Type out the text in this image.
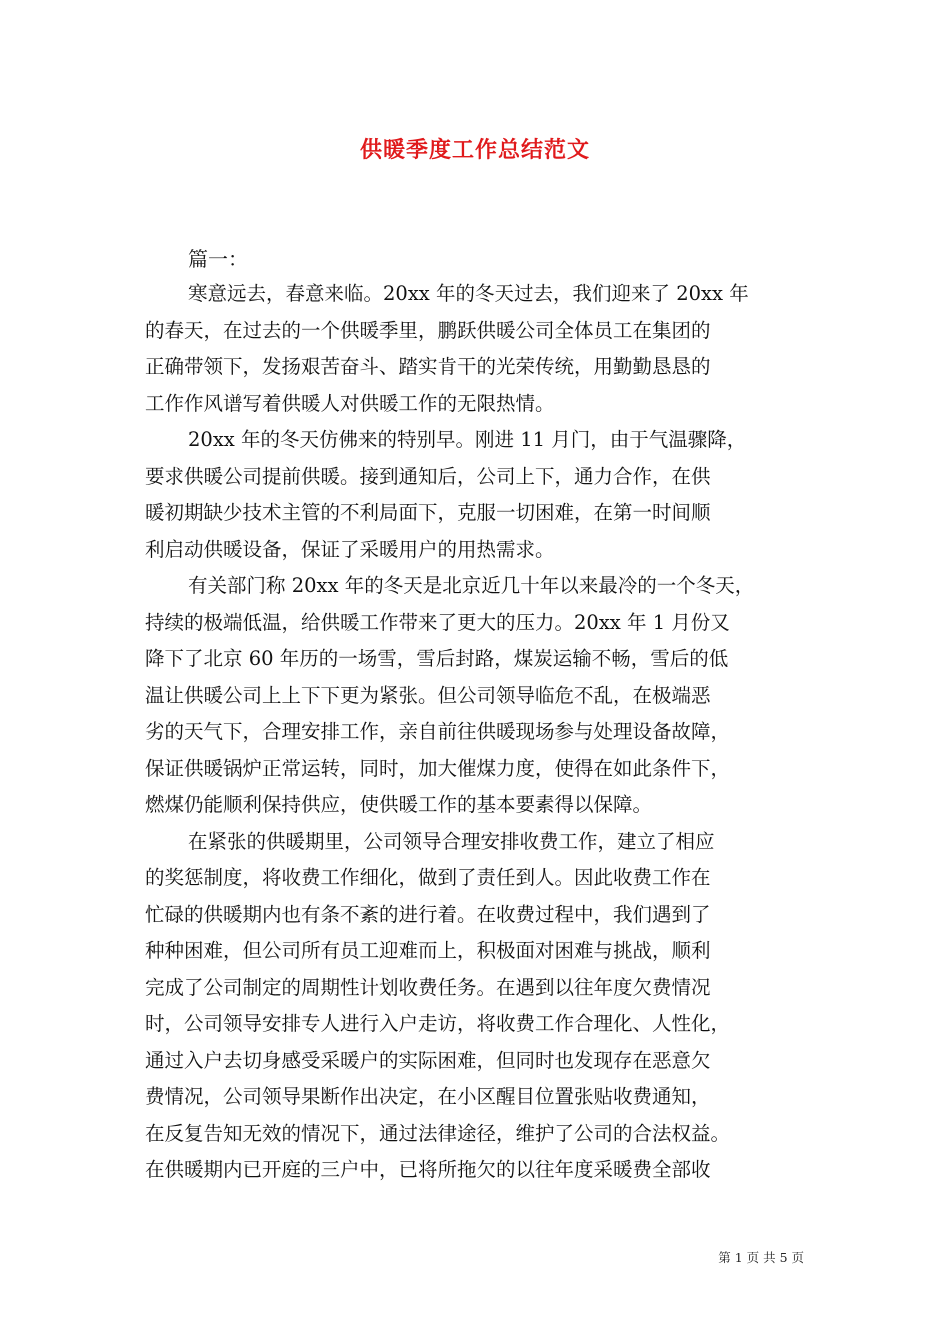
供暖季度工作总结范文
篇一：

寒意远去，春意来临。20xx 年的冬天过去，我们迎来了 20xx 年
的春天，在过去的一个供暖季里，鹏跃供暖公司全体员工在集团的
正确带领下，发扬艰苦奋斗、踏实肯干的光荣传统，用勤勤恳恳的
工作作风谱写着供暖人对供暖工作的无限热情。

20xx 年的冬天仿佛来的特别早。刚进 11 月门，由于气温骤降，
要求供暖公司提前供暖。接到通知后，公司上下，通力合作，在供
暖初期缺少技术主管的不利局面下，克服一切困难，在第一时间顺
利启动供暖设备，保证了采暖用户的用热需求。

有关部门称 20xx 年的冬天是北京近几十年以来最冷的一个冬天，
持续的极端低温，给供暖工作带来了更大的压力。20xx 年 1 月份又
降下了北京 60 年历的一场雪，雪后封路，煤炭运输不畅，雪后的低
温让供暖公司上上下下更为紧张。但公司领导临危不乱，在极端恶
劣的天气下，合理安排工作，亲自前往供暖现场参与处理设备故障，
保证供暖锅炉正常运转，同时，加大催煤力度，使得在如此条件下，
燃煤仍能顺利保持供应，使供暖工作的基本要素得以保障。

在紧张的供暖期里，公司领导合理安排收费工作，建立了相应
的奖惩制度，将收费工作细化，做到了责任到人。因此收费工作在
忙碌的供暖期内也有条不紊的进行着。在收费过程中，我们遇到了
种种困难，但公司所有员工迎难而上，积极面对困难与挑战，顺利
完成了公司制定的周期性计划收费任务。在遇到以往年度欠费情况
时，公司领导安排专人进行入户走访，将收费工作合理化、人性化，
通过入户去切身感受采暖户的实际困难，但同时也发现存在恶意欠
费情况，公司领导果断作出决定，在小区醒目位置张贴收费通知，
在反复告知无效的情况下，通过法律途径，维护了公司的合法权益。
在供暖期内已开庭的三户中，已将所拖欠的以往年度采暖费全部收

第 1 页 共 5 页
